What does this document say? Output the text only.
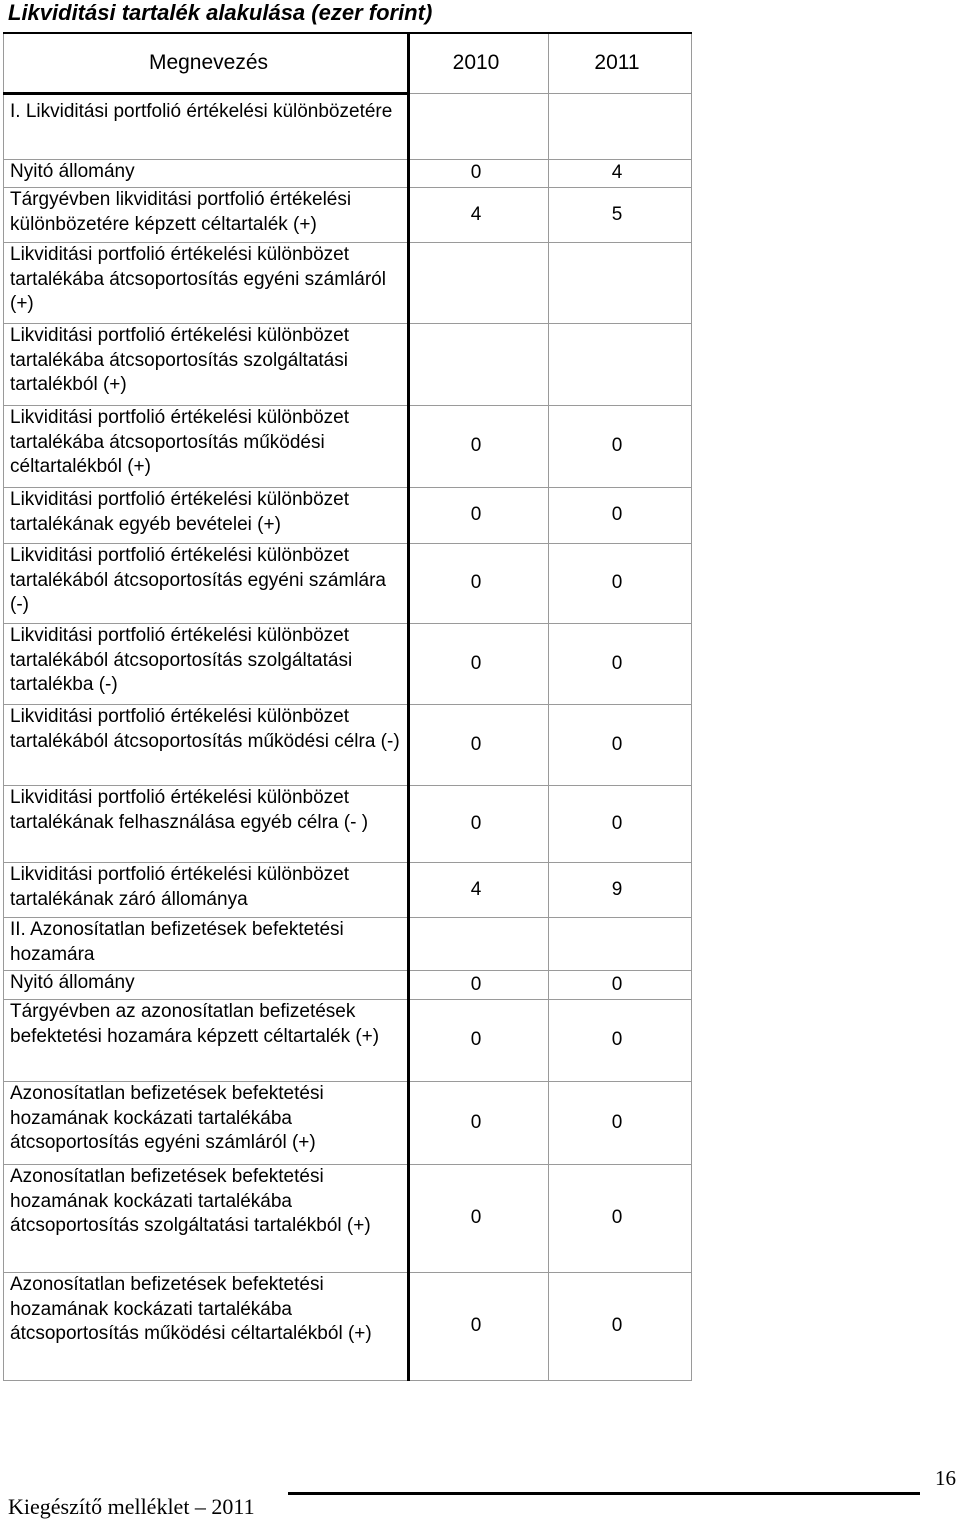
Likviditási tartalék alakulása (ezer forint)
Megnevezés	2010	2011
I. Likviditási portfolió értékelési különbözetére		
Nyitó állomány	0	4
Tárgyévben likviditási portfolió értékelési különbözetére képzett céltartalék (+)	4	5
Likviditási portfolió értékelési különbözet tartalékába átcsoportosítás egyéni számláról (+)		
Likviditási portfolió értékelési különbözet tartalékába átcsoportosítás szolgáltatási tartalékból (+)		
Likviditási portfolió értékelési különbözet tartalékába átcsoportosítás működési céltartalékból (+)	0	0
Likviditási portfolió értékelési különbözet tartalékának egyéb bevételei (+)	0	0
Likviditási portfolió értékelési különbözet tartalékából átcsoportosítás egyéni számlára (-)	0	0
Likviditási portfolió értékelési különbözet tartalékából átcsoportosítás szolgáltatási tartalékba (-)	0	0
Likviditási portfolió értékelési különbözet tartalékából átcsoportosítás működési célra (-)	0	0
Likviditási portfolió értékelési különbözet tartalékának felhasználása egyéb célra (- )	0	0
Likviditási portfolió értékelési különbözet tartalékának záró állománya	4	9
II. Azonosítatlan befizetések befektetési hozamára		
Nyitó állomány	0	0
Tárgyévben az azonosítatlan befizetések befektetési hozamára képzett céltartalék (+)	0	0
Azonosítatlan befizetések befektetési hozamának kockázati tartalékába átcsoportosítás egyéni számláról (+)	0	0
Azonosítatlan befizetések befektetési hozamának kockázati tartalékába átcsoportosítás szolgáltatási tartalékból (+)	0	0
Azonosítatlan befizetések befektetési hozamának kockázati tartalékába átcsoportosítás működési céltartalékból (+)	0	0
16
Kiegészítő melléklet – 2011
